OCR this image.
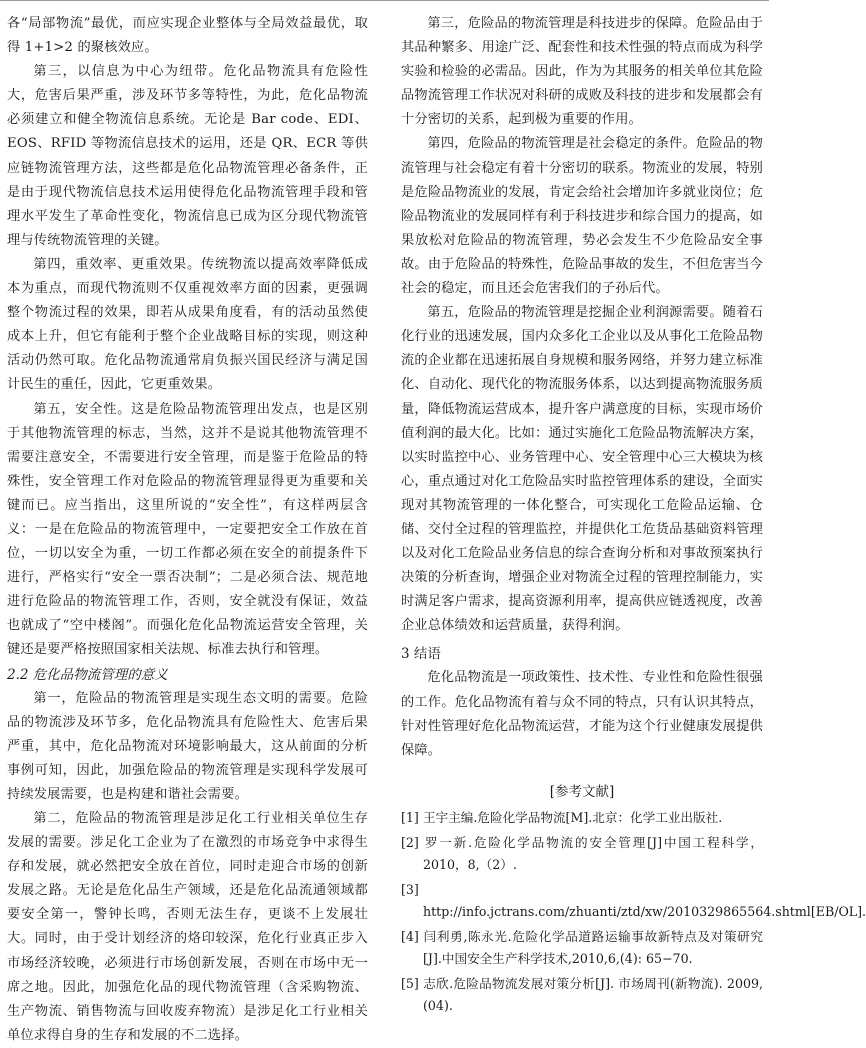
各“局部物流”最优，而应实现企业整体与全局效益最优，取得 1+1>2 的聚核效应。

第三，以信息为中心为纽带。危化品物流具有危险性大，危害后果严重，涉及环节多等特性，为此，危化品物流必须建立和健全物流信息系统。无论是 Bar code、EDI、EOS、RFID 等物流信息技术的运用，还是 QR、ECR 等供应链物流管理方法，这些都是危化品物流管理必备条件，正是由于现代物流信息技术运用使得危化品物流管理手段和管理水平发生了革命性变化，物流信息已成为区分现代物流管理与传统物流管理的关键。

第四，重效率、更重效果。传统物流以提高效率降低成本为重点，而现代物流则不仅重视效率方面的因素，更强调整个物流过程的效果，即若从成果角度看，有的活动虽然使成本上升，但它有能利于整个企业战略目标的实现，则这种活动仍然可取。危化品物流通常肩负振兴国民经济与满足国计民生的重任，因此，它更重效果。

第五，安全性。这是危险品物流管理出发点，也是区别于其他物流管理的标志，当然，这并不是说其他物流管理不需要注意安全，不需要进行安全管理，而是鉴于危险品的特殊性，安全管理工作对危险品的物流管理显得更为重要和关键而已。应当指出，这里所说的“安全性”，有这样两层含义：一是在危险品的物流管理中，一定要把安全工作放在首位，一切以安全为重，一切工作都必须在安全的前提条件下进行，严格实行“安全一票否决制”；二是必须合法、规范地进行危险品的物流管理工作，否则，安全就没有保证，效益也就成了“空中楼阁”。而强化危化品物流运营安全管理，关键还是要严格按照国家相关法规、标准去执行和管理。

2.2 危化品物流管理的意义

第一，危险品的物流管理是实现生态文明的需要。危险品的物流涉及环节多，危化品物流具有危险性大、危害后果严重，其中，危化品物流对环境影响最大，这从前面的分析事例可知，因此，加强危险品的物流管理是实现科学发展可持续发展需要，也是构建和谐社会需要。

第二，危险品的物流管理是涉足化工行业相关单位生存发展的需要。涉足化工企业为了在激烈的市场竞争中求得生存和发展，就必然把安全放在首位，同时走迎合市场的创新发展之路。无论是危化品生产领域，还是危化品流通领域都要安全第一，警钟长鸣，否则无法生存，更谈不上发展壮大。同时，由于受计划经济的烙印较深，危化行业真正步入市场经济较晚，必须进行市场创新发展，否则在市场中无一席之地。因此，加强危化品的现代物流管理（含采购物流、生产物流、销售物流与回收废弃物流）是涉足化工行业相关单位求得自身的生存和发展的不二选择。

第三，危险品的物流管理是科技进步的保障。危险品由于其品种繁多、用途广泛、配套性和技术性强的特点而成为科学实验和检验的必需品。因此，作为为其服务的相关单位其危险品物流管理工作状况对科研的成败及科技的进步和发展都会有十分密切的关系，起到极为重要的作用。

第四，危险品的物流管理是社会稳定的条件。危险品的物流管理与社会稳定有着十分密切的联系。物流业的发展，特别是危险品物流业的发展，肯定会给社会增加许多就业岗位；危险品物流业的发展同样有利于科技进步和综合国力的提高，如果放松对危险品的物流管理，势必会发生不少危险品安全事故。由于危险品的特殊性，危险品事故的发生，不但危害当今社会的稳定，而且还会危害我们的子孙后代。

第五，危险品的物流管理是挖掘企业利润源需要。随着石化行业的迅速发展，国内众多化工企业以及从事化工危险品物流的企业都在迅速拓展自身规模和服务网络，并努力建立标准化、自动化、现代化的物流服务体系，以达到提高物流服务质量，降低物流运营成本，提升客户满意度的目标，实现市场价值利润的最大化。比如：通过实施化工危险品物流解决方案，以实时监控中心、业务管理中心、安全管理中心三大模块为核心，重点通过对化工危险品实时监控管理体系的建设，全面实现对其物流管理的一体化整合，可实现化工危险品运输、仓储、交付全过程的管理监控，并提供化工危货品基础资料管理以及对化工危险品业务信息的综合查询分析和对事故预案执行决策的分析查询，增强企业对物流全过程的管理控制能力，实时满足客户需求，提高资源利用率，提高供应链透视度，改善企业总体绩效和运营质量，获得利润。

3 结语

危化品物流是一项政策性、技术性、专业性和危险性很强的工作。危化品物流有着与众不同的特点，只有认识其特点，针对性管理好危化品物流运营，才能为这个行业健康发展提供保障。

[参考文献]
[1] 王宇主编.危险化学品物流[M].北京：化学工业出版社.
[2] 罗一新.危险化学品物流的安全管理[J]中国工程科学，2010，8,（2）.
[3]http://info.jctrans.com/zhuanti/ztd/xw/2010329865564.shtml[EB/OL].
[4] 闫利勇,陈永光.危险化学品道路运输事故新特点及对策研究[J].中国安全生产科学技术,2010,6,(4): 65−70.
[5] 志欣.危险品物流发展对策分析[J]. 市场周刊(新物流). 2009,(04).
